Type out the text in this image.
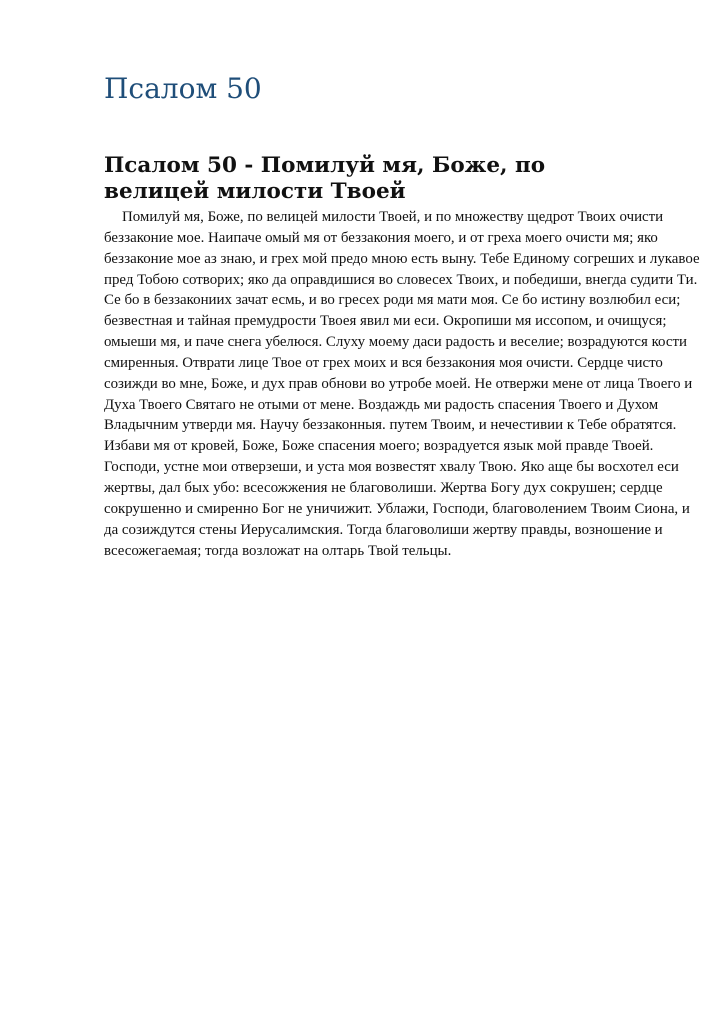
Псалом 50
Псалом 50 - Помилуй мя, Боже, по велицей милости Твоей
Помилуй мя, Боже, по велицей милости Твоей, и по множеству щедрот Твоих очисти
беззаконие мое. Наипаче омый мя от беззакония моего, и от греха моего очисти мя; яко
беззаконие мое аз знаю, и грех мой предо мною есть выну. Тебе Единому согреших и лукавое
пред Тобою сотворих; яко да оправдишися во словесех Твоих, и победиши, внегда судити Ти.
Се бо в беззакониих зачат есмь, и во гресех роди мя мати моя. Се бо истину возлюбил еси;
безвестная и тайная премудрости Твоея явил ми еси. Окропиши мя иссопом, и очищуся;
омыеши мя, и паче снега убелюся. Слуху моему даси радость и веселие; возрадуются кости
смиренныя. Отврати лице Твое от грех моих и вся беззакония моя очисти. Сердце чисто
созижди во мне, Боже, и дух прав обнови во утробе моей. Не отвержи мене от лица Твоего и
Духа Твоего Святаго не отыми от мене. Воздаждь ми радость спасения Твоего и Духом
Владычним утверди мя. Научу беззаконныя. путем Твоим, и нечестивии к Тебе обратятся.
Избави мя от кровей, Боже, Боже спасения моего; возрадуется язык мой правде Твоей.
Господи, устне мои отверзеши, и уста моя возвестят хвалу Твою. Яко аще бы восхотел еси
жертвы, дал бых убо: всесожжения не благоволиши. Жертва Богу дух сокрушен; сердце
сокрушенно и смиренно Бог не уничижит. Ублажи, Господи, благоволением Твоим Сиона, и
да созиждутся стены Иерусалимския. Тогда благоволиши жертву правды, возношение и
всесожегаемая; тогда возложат на олтарь Твой тельцы.
